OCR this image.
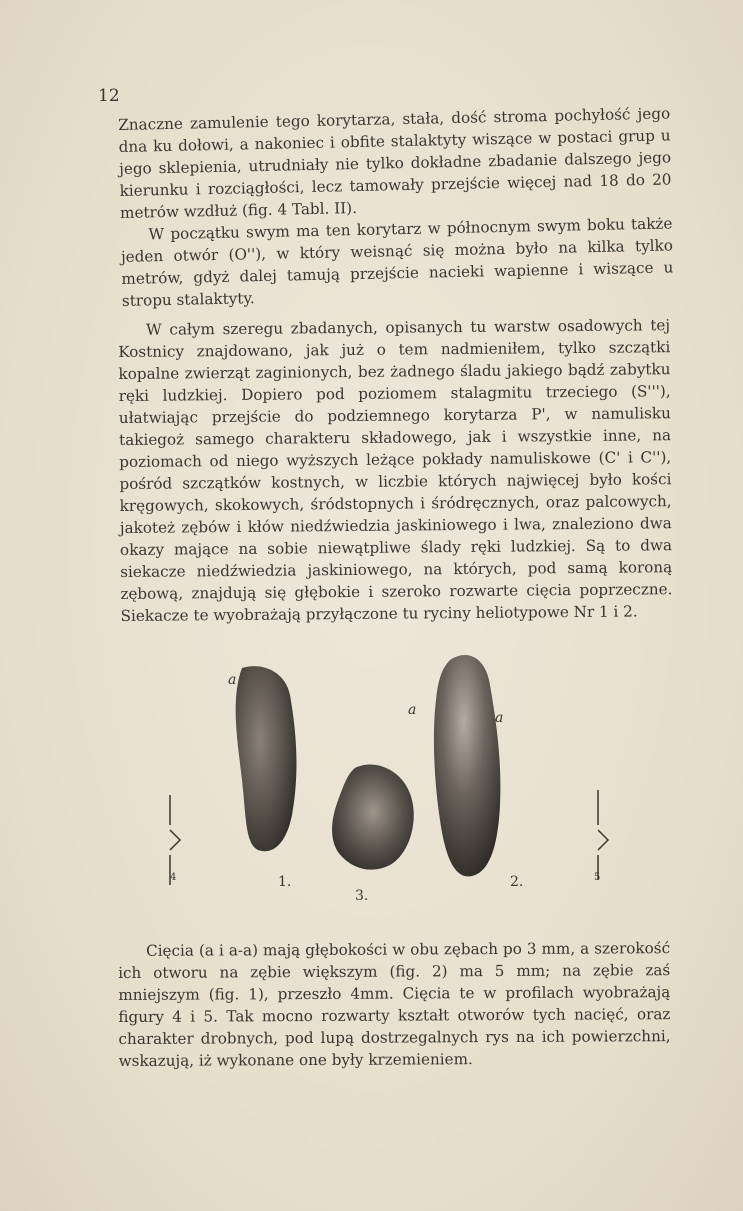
12

Znaczne zamulenie tego korytarza, stała, dość stroma pochyłość jego dna ku dołowi, a nakoniec i obfite stalaktyty wiszące w postaci grup u jego sklepienia, utrudniały nie tylko dokładne zbadanie dalszego jego kierunku i rozciągłości, lecz tamowały przejście więcej nad 18 do 20 metrów wzdłuż (fig. 4 Tabl. II).

W początku swym ma ten korytarz w północnym swym boku także jeden otwór (O''), w który weisnąć się można było na kilka tylko metrów, gdyż dalej tamują przejście nacieki wapienne i wiszące u stropu stalaktyty.

W całym szeregu zbadanych, opisanych tu warstw osadowych tej Kostnicy znajdowano, jak już o tem nadmieniłem, tylko szczątki kopalne zwierząt zaginionych, bez żadnego śladu jakiego bądź zabytku ręki ludzkiej. Dopiero pod poziomem stalagmitu trzeciego (S'''), ułatwiając przejście do podziemnego korytarza P', w namulisku takiegoż samego charakteru składowego, jak i wszystkie inne, na poziomach od niego wyższych leżące pokłady namuliskowe (C' i C''), pośród szczątków kostnych, w liczbie których najwięcej było kości kręgowych, skokowych, śródstopnych i śródręcznych, oraz palcowych, jakoteż zębów i kłów niedźwiedzia jaskiniowego i lwa, znaleziono dwa okazy mające na sobie niewątpliwe ślady ręki ludzkiej. Są to dwa siekacze niedźwiedzia jaskiniowego, na których, pod samą koroną zębową, znajdują się głębokie i szeroko rozwarte cięcia poprzeczne. Siekacze te wyobrażają przyłączone tu ryciny heliotypowe Nr 1 i 2.

a
a	a
1.	2.
3.
4	5

Cięcia (a i a-a) mają głębokości w obu zębach po 3 mm, a szerokość ich otworu na zębie większym (fig. 2) ma 5 mm; na zębie zaś mniejszym (fig. 1), przeszło 4mm. Cięcia te w profilach wyobrażają figury 4 i 5. Tak mocno rozwarty kształt otworów tych nacięć, oraz charakter drobnych, pod lupą dostrzegalnych rys na ich powierzchni, wskazują, iż wykonane one były krzemieniem.
